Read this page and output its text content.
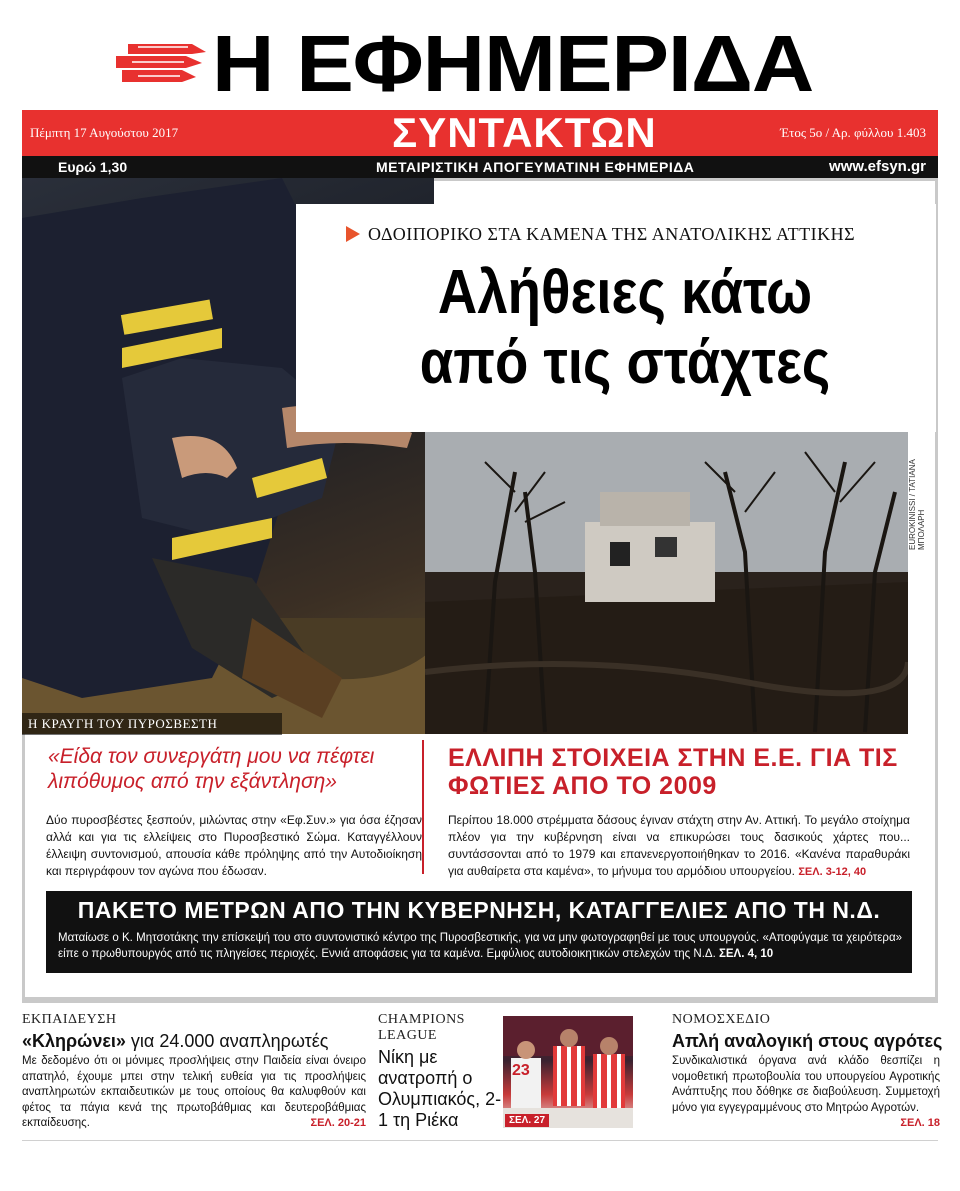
Η ΕΦΗΜΕΡΙΔΑ
ΣΥΝΤΑΚΤΩΝ
Πέμπτη 17 Αυγούστου 2017	Έτος 5ο / Αρ. φύλλου 1.403
Ευρώ 1,30	ΜΕΤΑΙΡΙΣΤΙΚΗ ΑΠΟΓΕΥΜΑΤΙΝΗ ΕΦΗΜΕΡΙΔΑ	www.efsyn.gr
EUROKINISSI / ΤΑΤΙΑΝΑ ΜΠΟΛΑΡΗ
ΟΔΟΙΠΟΡΙΚΟ ΣΤΑ ΚΑΜΕΝΑ ΤΗΣ ΑΝΑΤΟΛΙΚΗΣ ΑΤΤΙΚΗΣ
Αλήθειες κάτω
από τις στάχτες
Η ΚΡΑΥΓΗ ΤΟΥ ΠΥΡΟΣΒΕΣΤΗ
«Είδα τον συνεργάτη μου να πέφτει λιπόθυμος από την εξάντληση»
Δύο πυροσβέστες ξεσπούν, μιλώντας στην «Εφ.Συν.» για όσα έζησαν αλλά και για τις ελλείψεις στο Πυροσβεστικό Σώμα. Καταγγέλλουν έλλειψη συντονισμού, απουσία κάθε πρόληψης από την Αυτοδιοίκηση και περιγράφουν τον αγώνα που έδωσαν.
ΕΛΛΙΠΗ ΣΤΟΙΧΕΙΑ ΣΤΗΝ Ε.Ε. ΓΙΑ ΤΙΣ ΦΩΤΙΕΣ ΑΠΟ ΤΟ 2009
Περίπου 18.000 στρέμματα δάσους έγιναν στάχτη στην Αν. Αττική. Το μεγάλο στοίχημα πλέον για την κυβέρνηση είναι να επικυρώσει τους δασικούς χάρτες που... συντάσσονται από το 1979 και επανενεργοποιήθηκαν το 2016. «Κανένα παραθυράκι για αυθαίρετα στα καμένα», το μήνυμα του αρμόδιου υπουργείου. ΣΕΛ. 3-12, 40
ΠΑΚΕΤΟ ΜΕΤΡΩΝ ΑΠΟ ΤΗΝ ΚΥΒΕΡΝΗΣΗ, ΚΑΤΑΓΓΕΛΙΕΣ ΑΠΟ ΤΗ Ν.Δ.
Ματαίωσε ο Κ. Μητσοτάκης την επίσκεψή του στο συντονιστικό κέντρο της Πυροσβεστικής, για να μην φωτογραφηθεί με τους υπουργούς. «Αποφύγαμε τα χειρότερα» είπε ο πρωθυπουργός από τις πληγείσες περιοχές. Εννιά αποφάσεις για τα καμένα. Εμφύλιος αυτοδιοικητικών στελεχών της Ν.Δ. ΣΕΛ. 4, 10
ΕΚΠΑΙΔΕΥΣΗ
«Κληρώνει» για 24.000 αναπληρωτές
Με δεδομένο ότι οι μόνιμες προσλήψεις στην Παιδεία είναι όνειρο απατηλό, έχουμε μπει στην τελική ευθεία για τις προσλήψεις αναπληρωτών εκπαιδευτικών με τους οποίους θα καλυφθούν και φέτος τα πάγια κενά της πρωτοβάθμιας και δευτεροβάθμιας εκπαίδευσης.	ΣΕΛ. 20-21
CHAMPIONS LEAGUE
Νίκη με ανατροπή ο Ολυμπιακός, 2-1 τη Ριέκα
23
ΣΕΛ. 27
ΝΟΜΟΣΧΕΔΙΟ
Απλή αναλογική στους αγρότες
Συνδικαλιστικά όργανα ανά κλάδο θεσπίζει η νομοθετική πρωτοβουλία του υπουργείου Αγροτικής Ανάπτυξης που δόθηκε σε διαβούλευση. Συμμετοχή μόνο για εγγεγραμμένους στο Μητρώο Αγροτών.
ΣΕΛ. 18
